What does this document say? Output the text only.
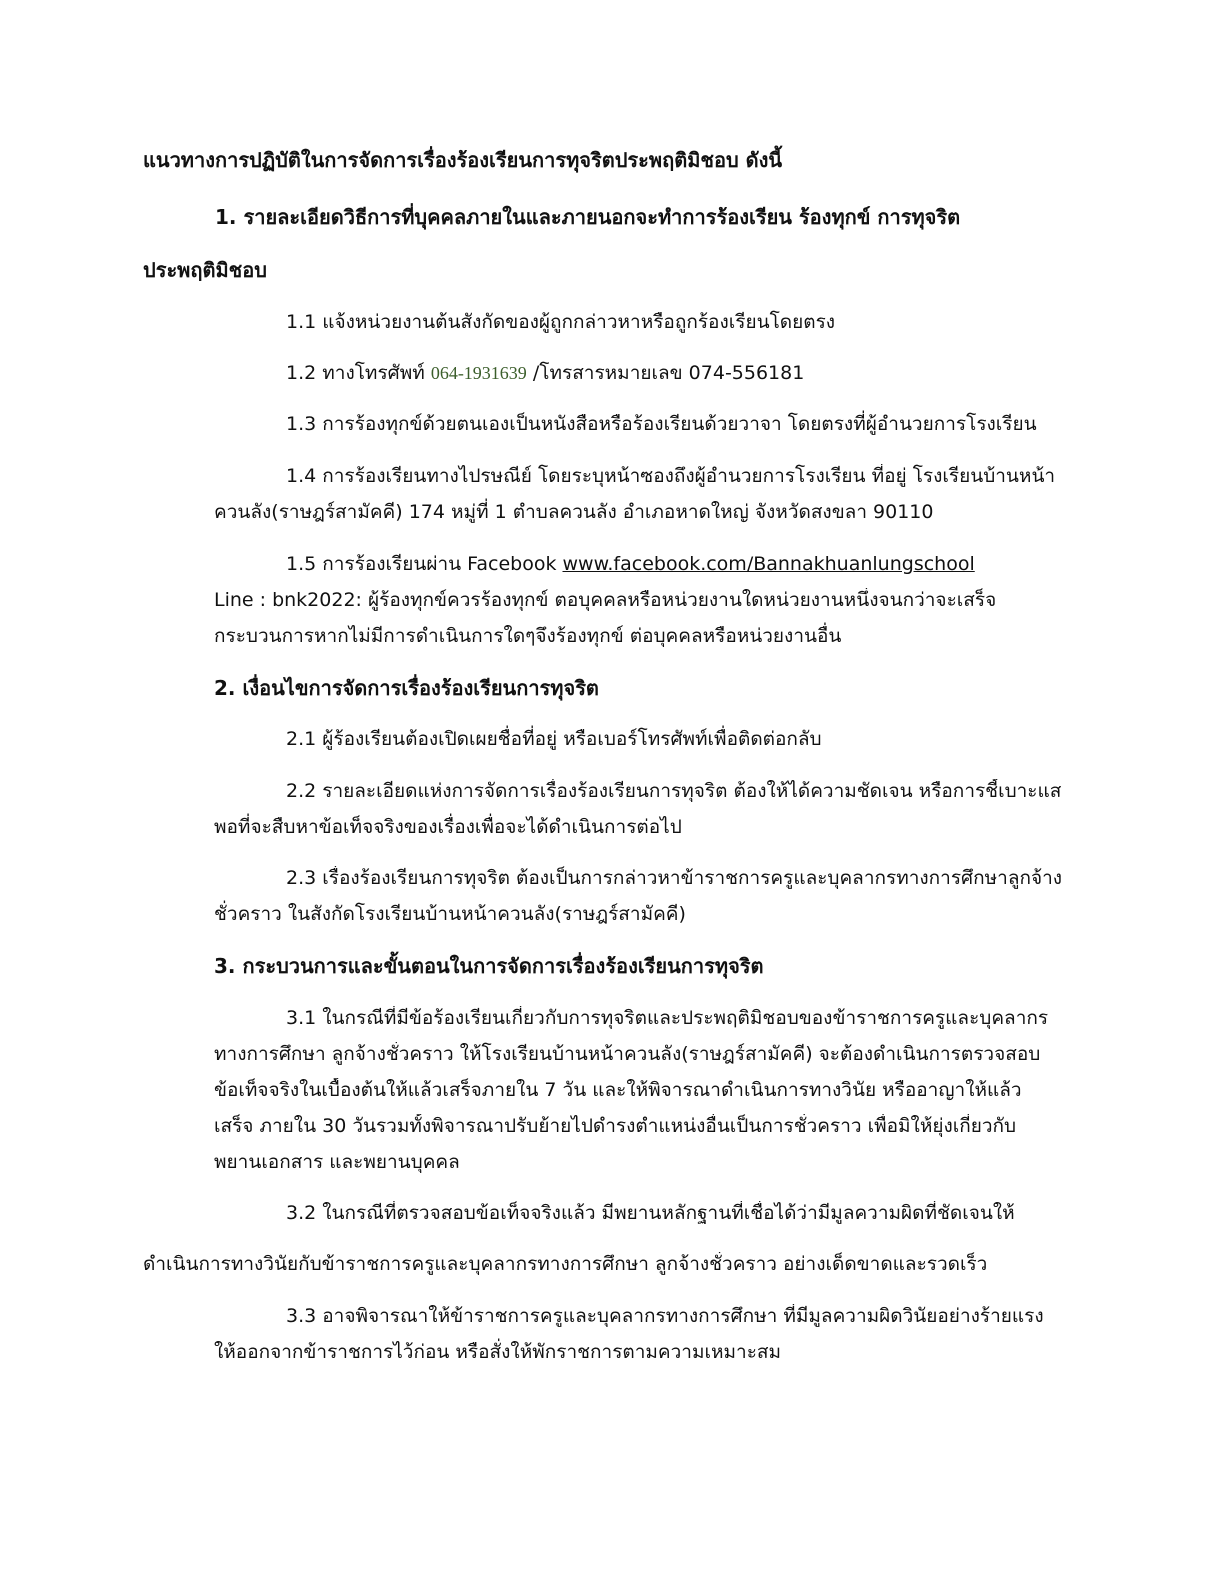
แนวทางการปฏิบัติในการจัดการเรื่องร้องเรียนการทุจริตประพฤติมิชอบ ดังนี้
1. รายละเอียดวิธีการที่บุคคลภายในและภายนอกจะทำการร้องเรียน ร้องทุกข์ การทุจริต
ประพฤติมิชอบ
1.1 แจ้งหน่วยงานต้นสังกัดของผู้ถูกกล่าวหาหรือถูกร้องเรียนโดยตรง
1.2 ทางโทรศัพท์ 064-1931639 /โทรสารหมายเลข 074-556181
1.3 การร้องทุกข์ด้วยตนเองเป็นหนังสือหรือร้องเรียนด้วยวาจา โดยตรงที่ผู้อำนวยการโรงเรียน
1.4 การร้องเรียนทางไปรษณีย์ โดยระบุหน้าซองถึงผู้อำนวยการโรงเรียน ที่อยู่ โรงเรียนบ้านหน้า
ควนลัง(ราษฎร์สามัคคี) 174 หมู่ที่ 1 ตำบลควนลัง อำเภอหาดใหญ่ จังหวัดสงขลา 90110
1.5 การร้องเรียนผ่าน Facebook www.facebook.com/Bannakhuanlungschool
Line : bnk2022: ผู้ร้องทุกข์ควรร้องทุกข์ ตอบุคคลหรือหน่วยงานใดหน่วยงานหนึ่งจนกว่าจะเสร็จ
กระบวนการหากไม่มีการดำเนินการใดๆจึงร้องทุกข์ ต่อบุคคลหรือหน่วยงานอื่น
2. เงื่อนไขการจัดการเรื่องร้องเรียนการทุจริต
2.1 ผู้ร้องเรียนต้องเปิดเผยชื่อที่อยู่ หรือเบอร์โทรศัพท์เพื่อติดต่อกลับ
2.2 รายละเอียดแห่งการจัดการเรื่องร้องเรียนการทุจริต ต้องให้ได้ความชัดเจน หรือการชี้เบาะแส
พอที่จะสืบหาข้อเท็จจริงของเรื่องเพื่อจะได้ดำเนินการต่อไป
2.3 เรื่องร้องเรียนการทุจริต ต้องเป็นการกล่าวหาข้าราชการครูและบุคลากรทางการศึกษาลูกจ้าง
ชั่วคราว ในสังกัดโรงเรียนบ้านหน้าควนลัง(ราษฎร์สามัคคี)
3. กระบวนการและขั้นตอนในการจัดการเรื่องร้องเรียนการทุจริต
3.1 ในกรณีที่มีข้อร้องเรียนเกี่ยวกับการทุจริตและประพฤติมิชอบของข้าราชการครูและบุคลากร
ทางการศึกษา ลูกจ้างชั่วคราว ให้โรงเรียนบ้านหน้าควนลัง(ราษฎร์สามัคคี) จะต้องดำเนินการตรวจสอบ
ข้อเท็จจริงในเบื้องต้นให้แล้วเสร็จภายใน 7 วัน และให้พิจารณาดำเนินการทางวินัย หรืออาญาให้แล้ว
เสร็จ ภายใน 30 วันรวมทั้งพิจารณาปรับย้ายไปดำรงตำแหน่งอื่นเป็นการชั่วคราว เพื่อมิให้ยุ่งเกี่ยวกับ
พยานเอกสาร และพยานบุคคล
3.2 ในกรณีที่ตรวจสอบข้อเท็จจริงแล้ว มีพยานหลักฐานที่เชื่อได้ว่ามีมูลความผิดที่ชัดเจนให้
ดำเนินการทางวินัยกับข้าราชการครูและบุคลากรทางการศึกษา ลูกจ้างชั่วคราว อย่างเด็ดขาดและรวดเร็ว
3.3 อาจพิจารณาให้ข้าราชการครูและบุคลากรทางการศึกษา ที่มีมูลความผิดวินัยอย่างร้ายแรง
ให้ออกจากข้าราชการไว้ก่อน หรือสั่งให้พักราชการตามความเหมาะสม
